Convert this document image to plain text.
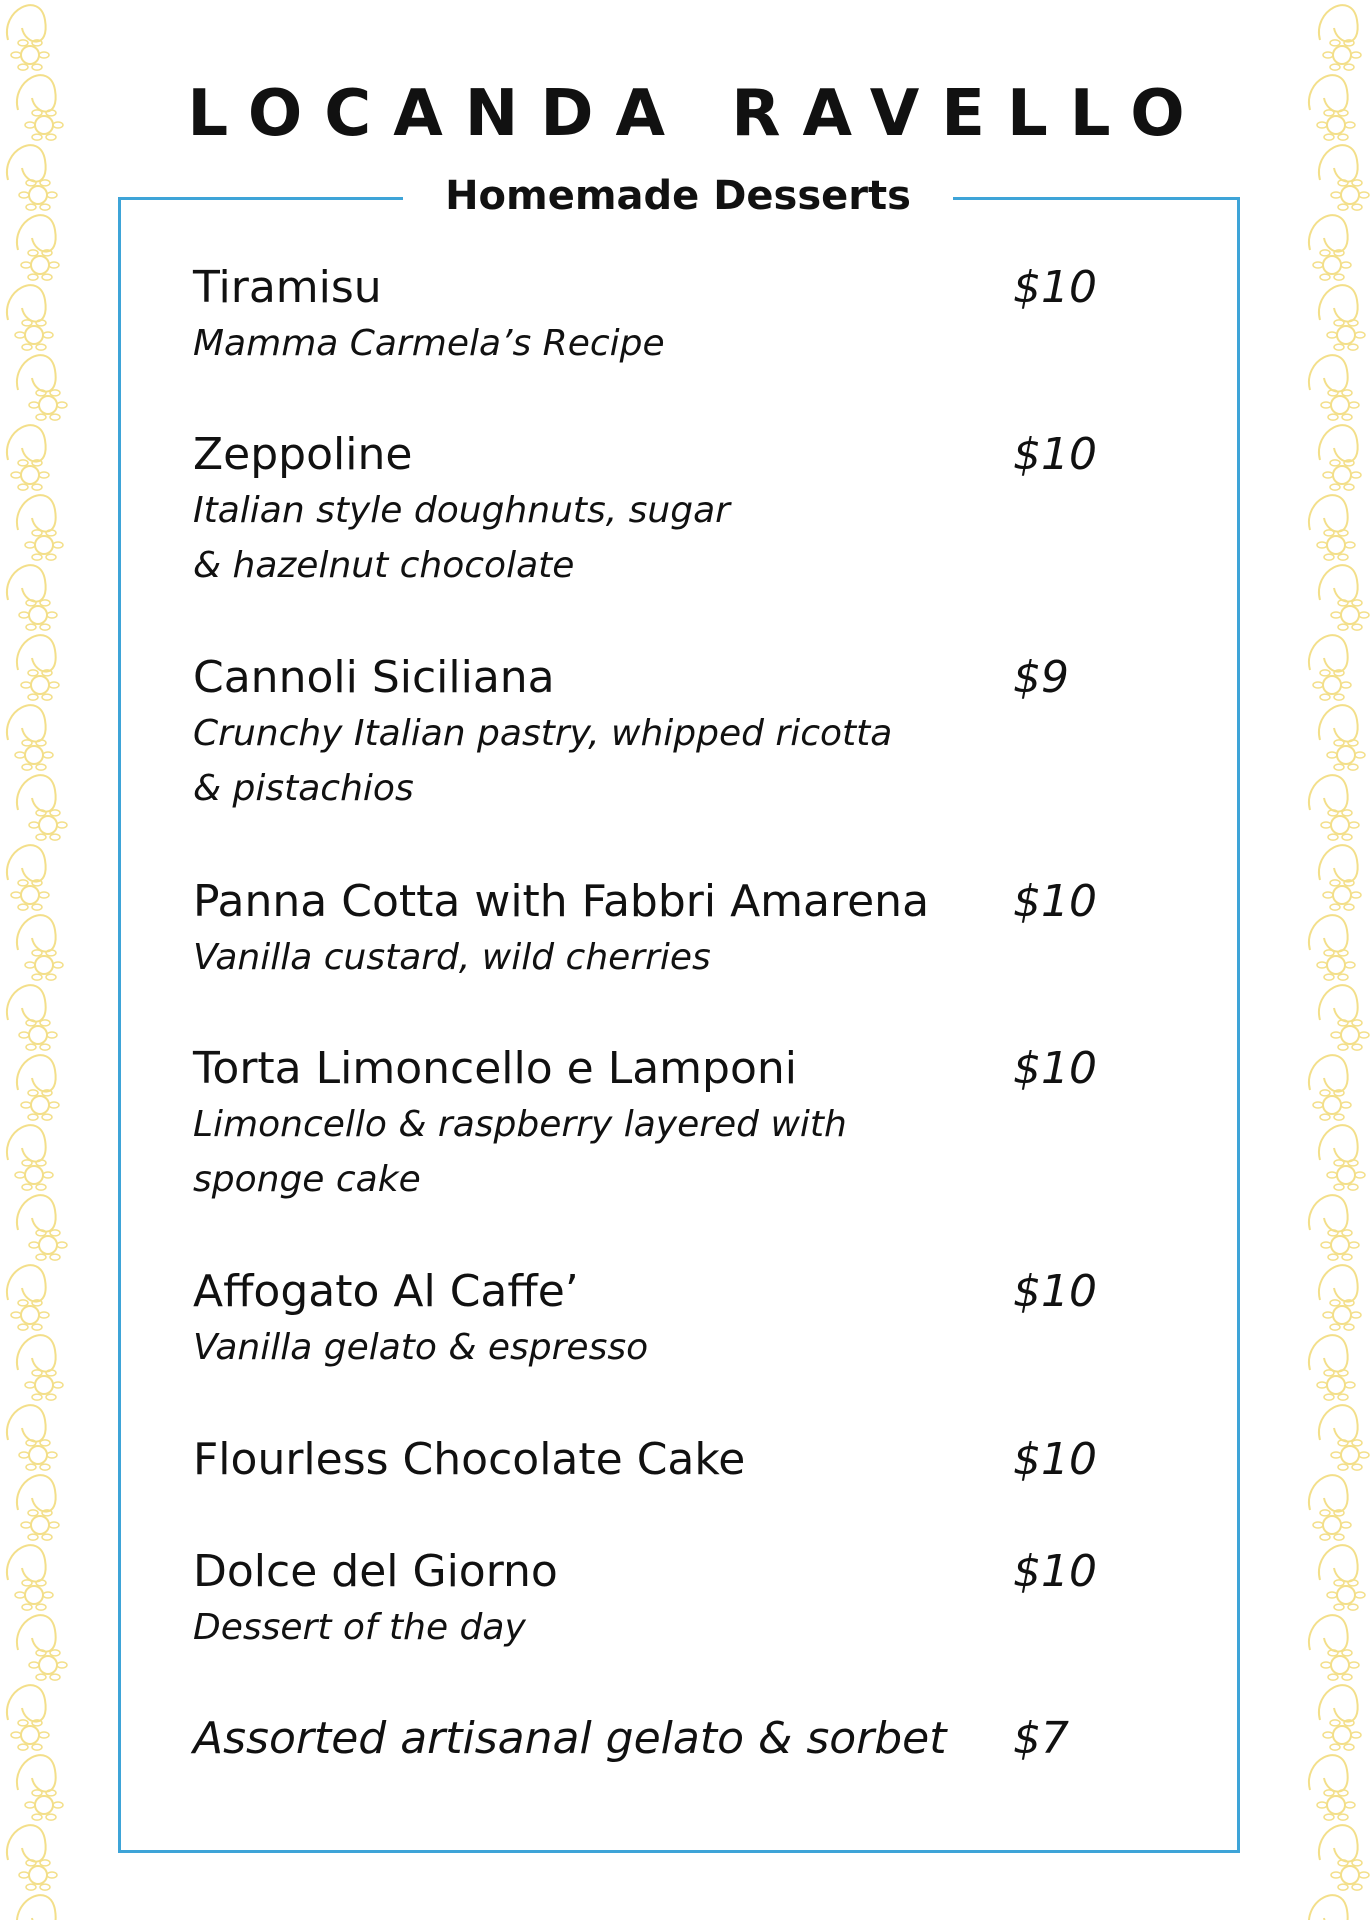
LOCANDA RAVELLO
Homemade Desserts
Tiramisu	$10
Mamma Carmela’s Recipe
Zeppoline	$10
Italian style doughnuts, sugar
& hazelnut chocolate
Cannoli Siciliana	$9
Crunchy Italian pastry, whipped ricotta
& pistachios
Panna Cotta with Fabbri Amarena	$10
Vanilla custard, wild cherries
Torta Limoncello e Lamponi	$10
Limoncello & raspberry layered with
sponge cake
Affogato Al Caffe’	$10
Vanilla gelato & espresso
Flourless Chocolate Cake	$10
Dolce del Giorno	$10
Dessert of the day
Assorted artisanal gelato & sorbet	$7
